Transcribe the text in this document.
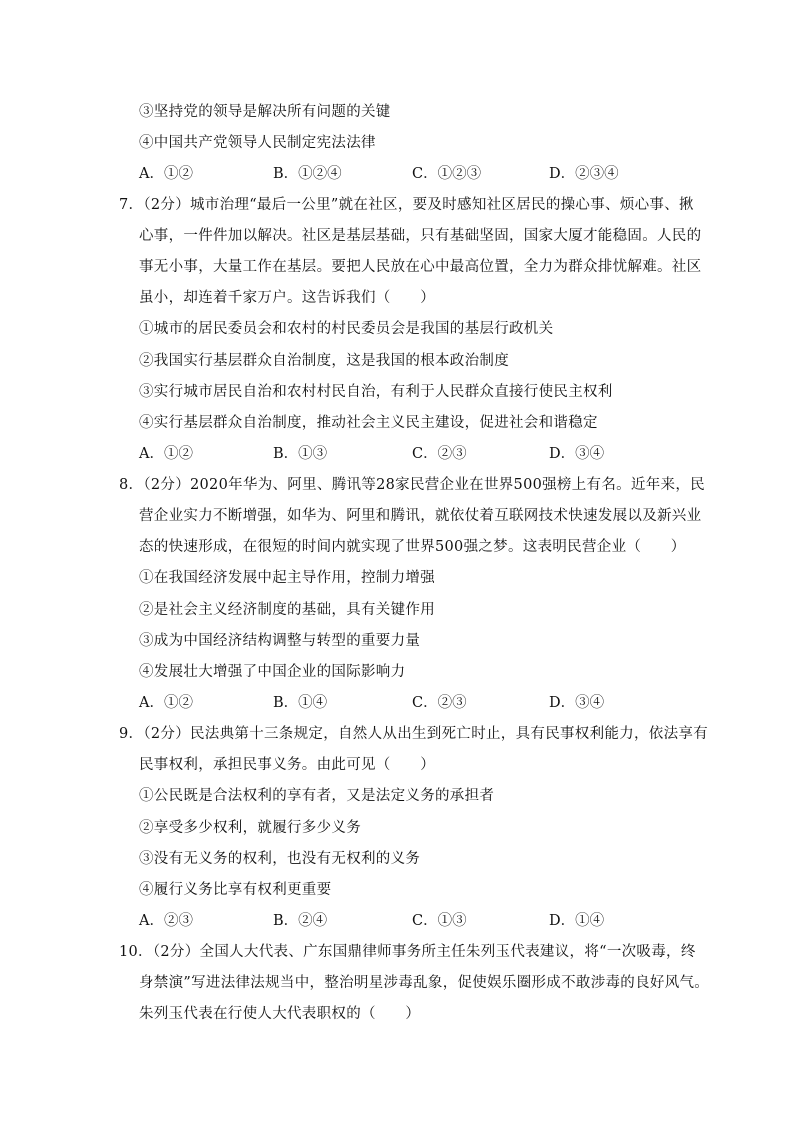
③坚持党的领导是解决所有问题的关键
④中国共产党领导人民制定宪法法律
A．①②	B．①②④	C．①②③	D．②③④
7．（2分）城市治理“最后一公里”就在社区，要及时感知社区居民的操心事、烦心事、揪
心事，一件件加以解决。社区是基层基础，只有基础坚固，国家大厦才能稳固。人民的
事无小事，大量工作在基层。要把人民放在心中最高位置，全力为群众排忧解难。社区
虽小，却连着千家万户。这告诉我们（　　）
①城市的居民委员会和农村的村民委员会是我国的基层行政机关
②我国实行基层群众自治制度，这是我国的根本政治制度
③实行城市居民自治和农村村民自治，有利于人民群众直接行使民主权利
④实行基层群众自治制度，推动社会主义民主建设，促进社会和谐稳定
A．①②	B．①③	C．②③	D．③④
8．（2分）2020年华为、阿里、腾讯等28家民营企业在世界500强榜上有名。近年来，民
营企业实力不断增强，如华为、阿里和腾讯，就依仗着互联网技术快速发展以及新兴业
态的快速形成，在很短的时间内就实现了世界500强之梦。这表明民营企业（　　）
①在我国经济发展中起主导作用，控制力增强
②是社会主义经济制度的基础，具有关键作用
③成为中国经济结构调整与转型的重要力量
④发展壮大增强了中国企业的国际影响力
A．①②	B．①④	C．②③	D．③④
9．（2分）民法典第十三条规定，自然人从出生到死亡时止，具有民事权利能力，依法享有
民事权利，承担民事义务。由此可见（　　）
①公民既是合法权利的享有者，又是法定义务的承担者
②享受多少权利，就履行多少义务
③没有无义务的权利，也没有无权利的义务
④履行义务比享有权利更重要
A．②③	B．②④	C．①③	D．①④
10．（2分）全国人大代表、广东国鼎律师事务所主任朱列玉代表建议，将“一次吸毒，终
身禁演”写进法律法规当中，整治明星涉毒乱象，促使娱乐圈形成不敢涉毒的良好风气。
朱列玉代表在行使人大代表职权的（　　）
